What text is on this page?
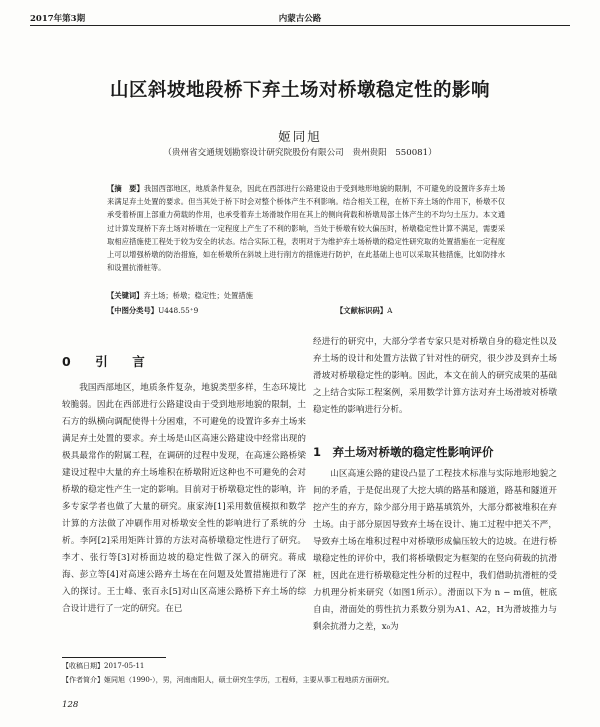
2017年第3期	内蒙古公路
山区斜坡地段桥下弃土场对桥墩稳定性的影响
姬同旭
（贵州省交通规划勘察设计研究院股份有限公司　贵州贵阳　550081）
【摘　要】我国西部地区，地质条件复杂，因此在西部进行公路建设由于受到地形地貌的限制，不可避免的设置许多弃土场来满足弃土处置的要求。但当其处于桥下时会对整个桥体产生不利影响。结合相关工程，在桥下弃土场的作用下，桥墩不仅承受着桥面上部重力荷载的作用，也承受着弃土场滑坡作用在其上的侧向荷载和桥墩局部土体产生的不均匀土压力。本文通过计算发现桥下弃土场对桥墩在一定程度上产生了不利的影响，当处于桥墩有较大偏压时，桥墩稳定性计算不满足，需要采取相应措施使工程处于较为安全的状态。结合实际工程，表明对于为维护弃土场桥墩的稳定性研究取的处置措施在一定程度上可以增强桥墩的防治措施，如在桥墩所在斜坡上进行削方的措施进行防护，在此基础上也可以采取其他措施，比如防排水和设置抗滑桩等。
【关键词】弃土场；桥墩；稳定性；处置措施
【中图分类号】U448.55⁺9	【文献标识码】A
0　引　言

我国西部地区，地质条件复杂，地貌类型多样，生态环境比较脆弱。因此在西部进行公路建设由于受到地形地貌的限制，土石方的纵横向调配使得十分困难，不可避免的设置许多弃土场来满足弃土处置的要求。弃土场是山区高速公路建设中经常出现的极具最常作的附属工程，在调研的过程中发现，在高速公路桥梁建设过程中大量的弃土场堆积在桥墩附近这种也不可避免的会对桥墩的稳定性产生一定的影响。目前对于桥墩稳定性的影响，许多专家学者也做了大量的研究。康家涛[1]采用数值模拟和数学计算的方法做了冲刷作用对桥墩安全性的影响进行了系统的分析。李阿[2]采用矩阵计算的方法对高桥墩稳定性进行了研究。李才、张行等[3]对桥面边坡的稳定性做了深入的研究。蒋成海、彭立等[4]对高速公路弃土场在在问题及处置措施进行了深入的探讨。王士峰、张百永[5]对山区高速公路桥下弃土场的综合设计进行了一定的研究。在已

经进行的研究中，大部分学者专家只是对桥墩自身的稳定性以及弃土场的设计和处置方法做了针对性的研究，很少涉及到弃土场滑坡对桥墩稳定性的影响。因此，本文在前人的研究成果的基础之上结合实际工程案例，采用数学计算方法对弃土场滑坡对桥墩稳定性的影响进行分析。

1　弃土场对桥墩的稳定性影响评价

山区高速公路的建设凸显了工程技术标准与实际地形地貌之间的矛盾，于是促出现了大挖大填的路基和隧道，路基和隧道开挖产生的弃方，除少部分用于路基填筑外，大部分都被堆积在弃土场。由于部分原因导致弃土场在设计、施工过程中把关不严，导致弃土场在堆积过程中对桥墩形成偏压较大的边坡。在进行桥墩稳定性的评价中，我们将桥墩假定为框架的在竖向荷载的抗滑桩，因此在进行桥墩稳定性分析的过程中，我们借助抗滑桩的受力机理分析来研究（如图1所示）。滑面以下为 n − m值，桩底自由，滑面处的剪性抗力系数分别为A1、A2，H为滑坡推力与剩余抗滑力之差，x₀为

【收稿日期】2017-05-11
【作者简介】姬同旭（1990-），男，河南南阳人，硕士研究生学历，工程师，主要从事工程地质方面研究。
128
